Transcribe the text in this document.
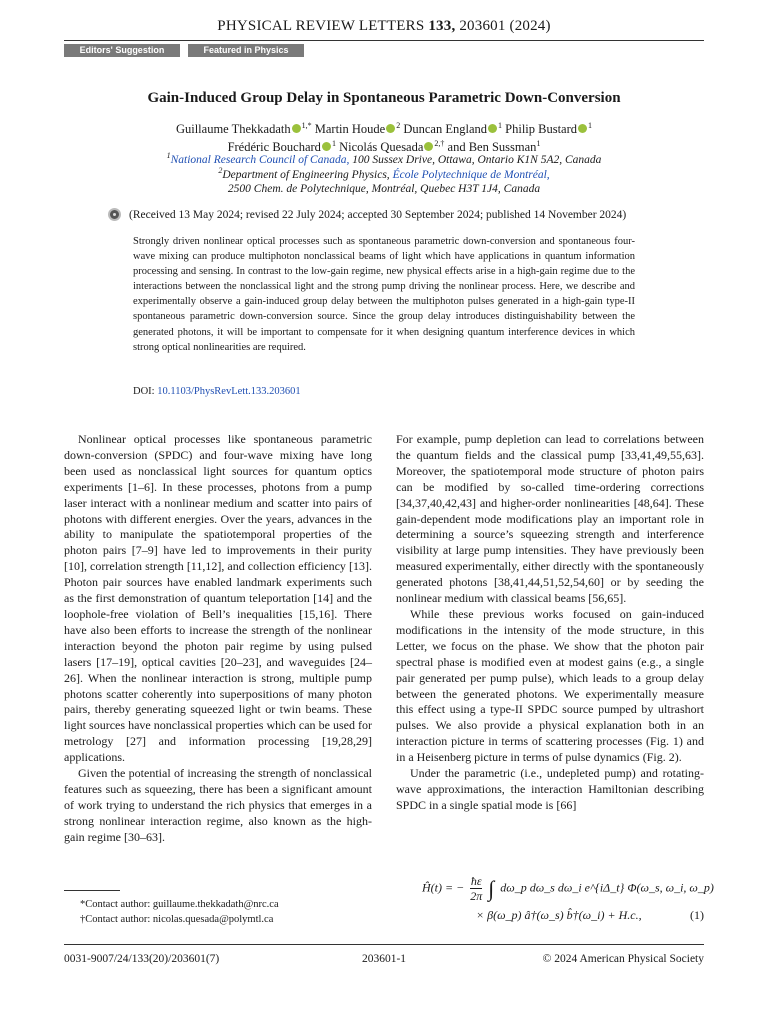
PHYSICAL REVIEW LETTERS 133, 203601 (2024)
Editors' Suggestion	Featured in Physics
Gain-Induced Group Delay in Spontaneous Parametric Down-Conversion
Guillaume Thekkadath $^{1,*}$ Martin Houde $^2$ Duncan England $^1$ Philip Bustard $^1$
Frédéric Bouchard $^1$ Nicolás Quesada $^{2,\dagger}$ and Ben Sussman$^1$
$^1$National Research Council of Canada, 100 Sussex Drive, Ottawa, Ontario K1N 5A2, Canada
$^2$Department of Engineering Physics, École Polytechnique de Montréal,
2500 Chem. de Polytechnique, Montréal, Quebec H3T 1J4, Canada
(Received 13 May 2024; revised 22 July 2024; accepted 30 September 2024; published 14 November 2024)
Strongly driven nonlinear optical processes such as spontaneous parametric down-conversion and spontaneous four-wave mixing can produce multiphoton nonclassical beams of light which have applications in quantum information processing and sensing. In contrast to the low-gain regime, new physical effects arise in a high-gain regime due to the interactions between the nonclassical light and the strong pump driving the nonlinear process. Here, we describe and experimentally observe a gain-induced group delay between the multiphoton pulses generated in a high-gain type-II spontaneous parametric down-conversion source. Since the group delay introduces distinguishability between the generated photons, it will be important to compensate for it when designing quantum interference devices in which strong optical nonlinearities are required.
DOI: 10.1103/PhysRevLett.133.203601

Nonlinear optical processes like spontaneous parametric down-conversion (SPDC) and four-wave mixing have long been used as nonclassical light sources for quantum optics experiments [1–6]. In these processes, photons from a pump laser interact with a nonlinear medium and scatter into pairs of photons with different energies. Over the years, advances in the ability to manipulate the spatiotemporal properties of the photon pairs [7–9] have led to improvements in their purity [10], correlation strength [11,12], and collection efficiency [13]. Photon pair sources have enabled landmark experiments such as the first demonstration of quantum teleportation [14] and the loophole-free violation of Bell’s inequalities [15,16]. There have also been efforts to increase the strength of the nonlinear interaction beyond the photon pair regime by using pulsed lasers [17–19], optical cavities [20–23], and waveguides [24–26]. When the nonlinear interaction is strong, multiple pump photons scatter coherently into superpositions of many photon pairs, thereby generating squeezed light or twin beams. These light sources have nonclassical properties which can be used for metrology [27] and information processing [19,28,29] applications.

Given the potential of increasing the strength of nonclassical features such as squeezing, there has been a significant amount of work trying to understand the rich physics that emerges in a strong nonlinear interaction regime, also known as the high-gain regime [30–63].

For example, pump depletion can lead to correlations between the quantum fields and the classical pump [33,41,49,55,63]. Moreover, the spatiotemporal mode structure of photon pairs can be modified by so-called time-ordering corrections [34,37,40,42,43] and higher-order nonlinearities [48,64]. These gain-dependent mode modifications play an important role in determining a source’s squeezing strength and interference visibility at large pump intensities. They have previously been measured experimentally, either directly with the spontaneously generated photons [38,41,44,51,52,54,60] or by seeding the nonlinear medium with classical beams [56,65].

While these previous works focused on gain-induced modifications in the intensity of the mode structure, in this Letter, we focus on the phase. We show that the photon pair spectral phase is modified even at modest gains (e.g., a single pair generated per pump pulse), which leads to a group delay between the generated photons. We experimentally measure this effect using a type-II SPDC source pumped by ultrashort pulses. We also provide a physical explanation both in an interaction picture in terms of scattering processes (Fig. 1) and in a Heisenberg picture in terms of pulse dynamics (Fig. 2).

Under the parametric (i.e., undepleted pump) and rotating-wave approximations, the interaction Hamiltonian describing SPDC in a single spatial mode is [66]

Ĥ(t) = − $\frac{ħ\varepsilon}{2\pi}$ ∫ dω_p dω_s dω_i e^{iΔ_t} Φ(ω_s, ω_i, ω_p)
× β(ω_p) â†(ω_s) b̂†(ω_i) + H.c.,	(1)
*Contact author: guillaume.thekkadath@nrc.ca
†Contact author: nicolas.quesada@polymtl.ca
0031-9007/24/133(20)/203601(7)	203601-1	© 2024 American Physical Society
